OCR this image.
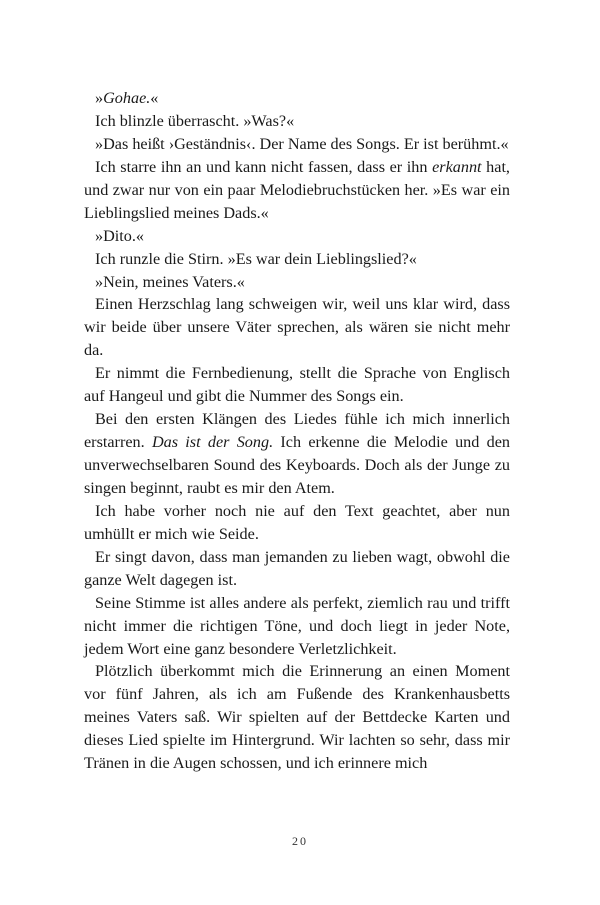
»Gohae.«

Ich blinzle überrascht. »Was?«

»Das heißt ›Geständnis‹. Der Name des Songs. Er ist berühmt.«

Ich starre ihn an und kann nicht fassen, dass er ihn erkannt hat, und zwar nur von ein paar Melodiebruchstücken her. »Es war ein Lieblingslied meines Dads.«

»Dito.«

Ich runzle die Stirn. »Es war dein Lieblingslied?«

»Nein, meines Vaters.«

Einen Herzschlag lang schweigen wir, weil uns klar wird, dass wir beide über unsere Väter sprechen, als wären sie nicht mehr da.

Er nimmt die Fernbedienung, stellt die Sprache von Englisch auf Hangeul und gibt die Nummer des Songs ein.

Bei den ersten Klängen des Liedes fühle ich mich innerlich erstarren. Das ist der Song. Ich erkenne die Melodie und den unverwechselbaren Sound des Keyboards. Doch als der Junge zu singen beginnt, raubt es mir den Atem.

Ich habe vorher noch nie auf den Text geachtet, aber nun umhüllt er mich wie Seide.

Er singt davon, dass man jemanden zu lieben wagt, obwohl die ganze Welt dagegen ist.

Seine Stimme ist alles andere als perfekt, ziemlich rau und trifft nicht immer die richtigen Töne, und doch liegt in jeder Note, jedem Wort eine ganz besondere Verletzlichkeit.

Plötzlich überkommt mich die Erinnerung an einen Moment vor fünf Jahren, als ich am Fußende des Krankenhausbetts meines Vaters saß. Wir spielten auf der Bettdecke Karten und dieses Lied spielte im Hintergrund. Wir lachten so sehr, dass mir Tränen in die Augen schossen, und ich erinnere mich

20
